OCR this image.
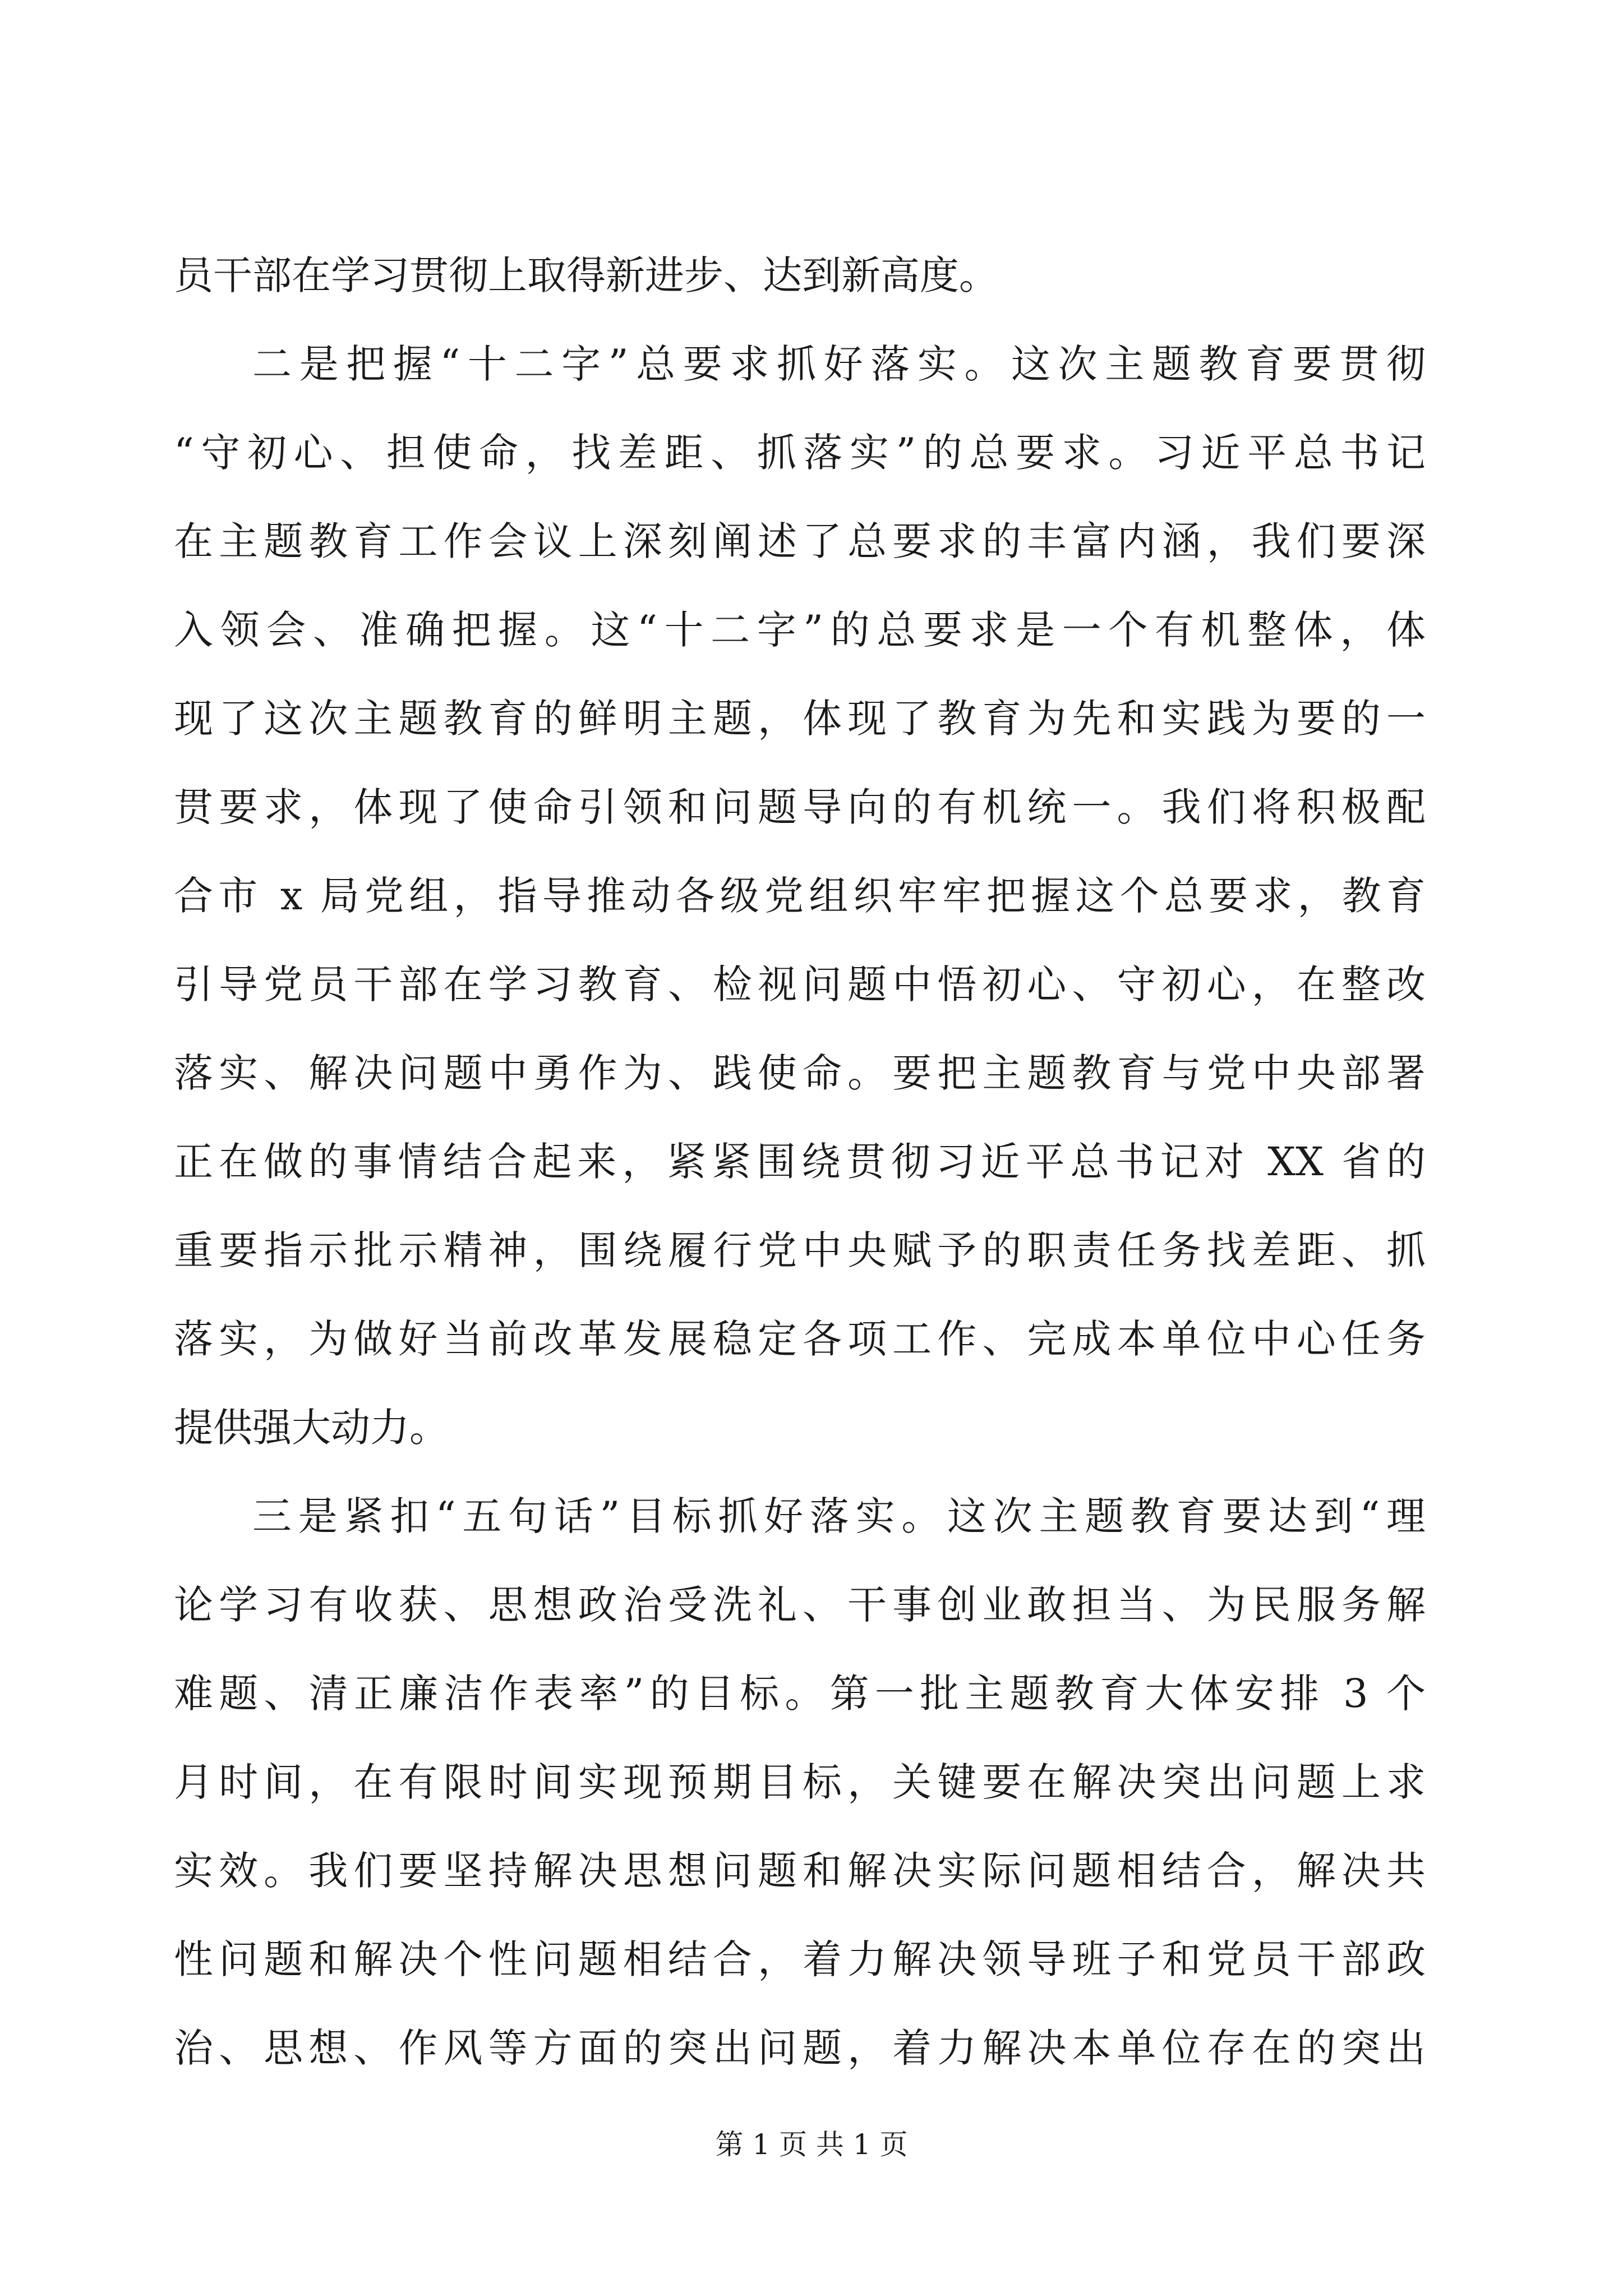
员干部在学习贯彻上取得新进步、达到新高度。
二是把握“十二字”总要求抓好落实。这次主题教育要贯彻
“守初心、担使命，找差距、抓落实”的总要求。习近平总书记
在主题教育工作会议上深刻阐述了总要求的丰富内涵，我们要深
入领会、准确把握。这“十二字”的总要求是一个有机整体，体
现了这次主题教育的鲜明主题，体现了教育为先和实践为要的一
贯要求，体现了使命引领和问题导向的有机统一。我们将积极配
合市 x 局党组，指导推动各级党组织牢牢把握这个总要求，教育
引导党员干部在学习教育、检视问题中悟初心、守初心，在整改
落实、解决问题中勇作为、践使命。要把主题教育与党中央部署
正在做的事情结合起来，紧紧围绕贯彻习近平总书记对 XX 省的
重要指示批示精神，围绕履行党中央赋予的职责任务找差距、抓
落实，为做好当前改革发展稳定各项工作、完成本单位中心任务
提供强大动力。
三是紧扣“五句话”目标抓好落实。这次主题教育要达到“理
论学习有收获、思想政治受洗礼、干事创业敢担当、为民服务解
难题、清正廉洁作表率”的目标。第一批主题教育大体安排 3 个
月时间，在有限时间实现预期目标，关键要在解决突出问题上求
实效。我们要坚持解决思想问题和解决实际问题相结合，解决共
性问题和解决个性问题相结合，着力解决领导班子和党员干部政
治、思想、作风等方面的突出问题，着力解决本单位存在的突出
第 1 页 共 1 页
